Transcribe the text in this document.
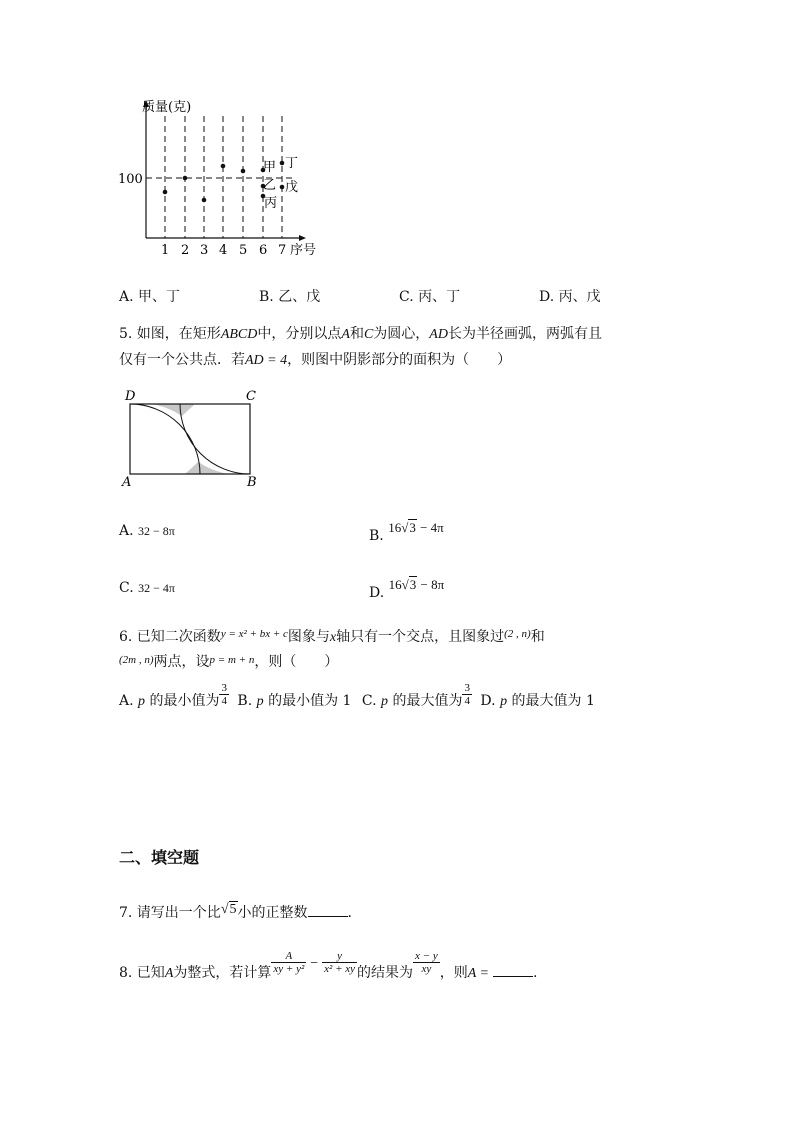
质量(克)
100
序号
1 2 3 4 5 6 7
甲 丁
乙 戊
丙
A. 甲、丁	B. 乙、戊	C. 丙、丁	D. 丙、戊
5. 如图，在矩形ABCD中，分别以点A和C为圆心，AD长为半径画弧，两弧有且
仅有一个公共点．若AD = 4，则图中阴影部分的面积为（　　）
D	C
A	B
A. 32 − 8π	B. 16√3 − 4π
C. 32 − 4π	D. 16√3 − 8π
6. 已知二次函数$^{y = x^2 + bx + c}$图象与x轴只有一个交点，且图象过$^{(2 , n)}$和
$^{(2m , n)}$两点，设$^{p = m + n}$，则（　　）
A. p 的最小值为 $\frac{3}{4} B$. p 的最小值为 1 C. p 的最大值为 $\frac{3}{4} D$. p 的最大值为 1
二、填空题
7. 请写出一个比√5小的正整数	.
8. 已知A为整式，若计算 $\frac{A}{\text{xy + y²}} - \frac{y}{\text{x² + xy}}$ 的结果为 $\frac{x - y}{xy}$ ，则A =	.
